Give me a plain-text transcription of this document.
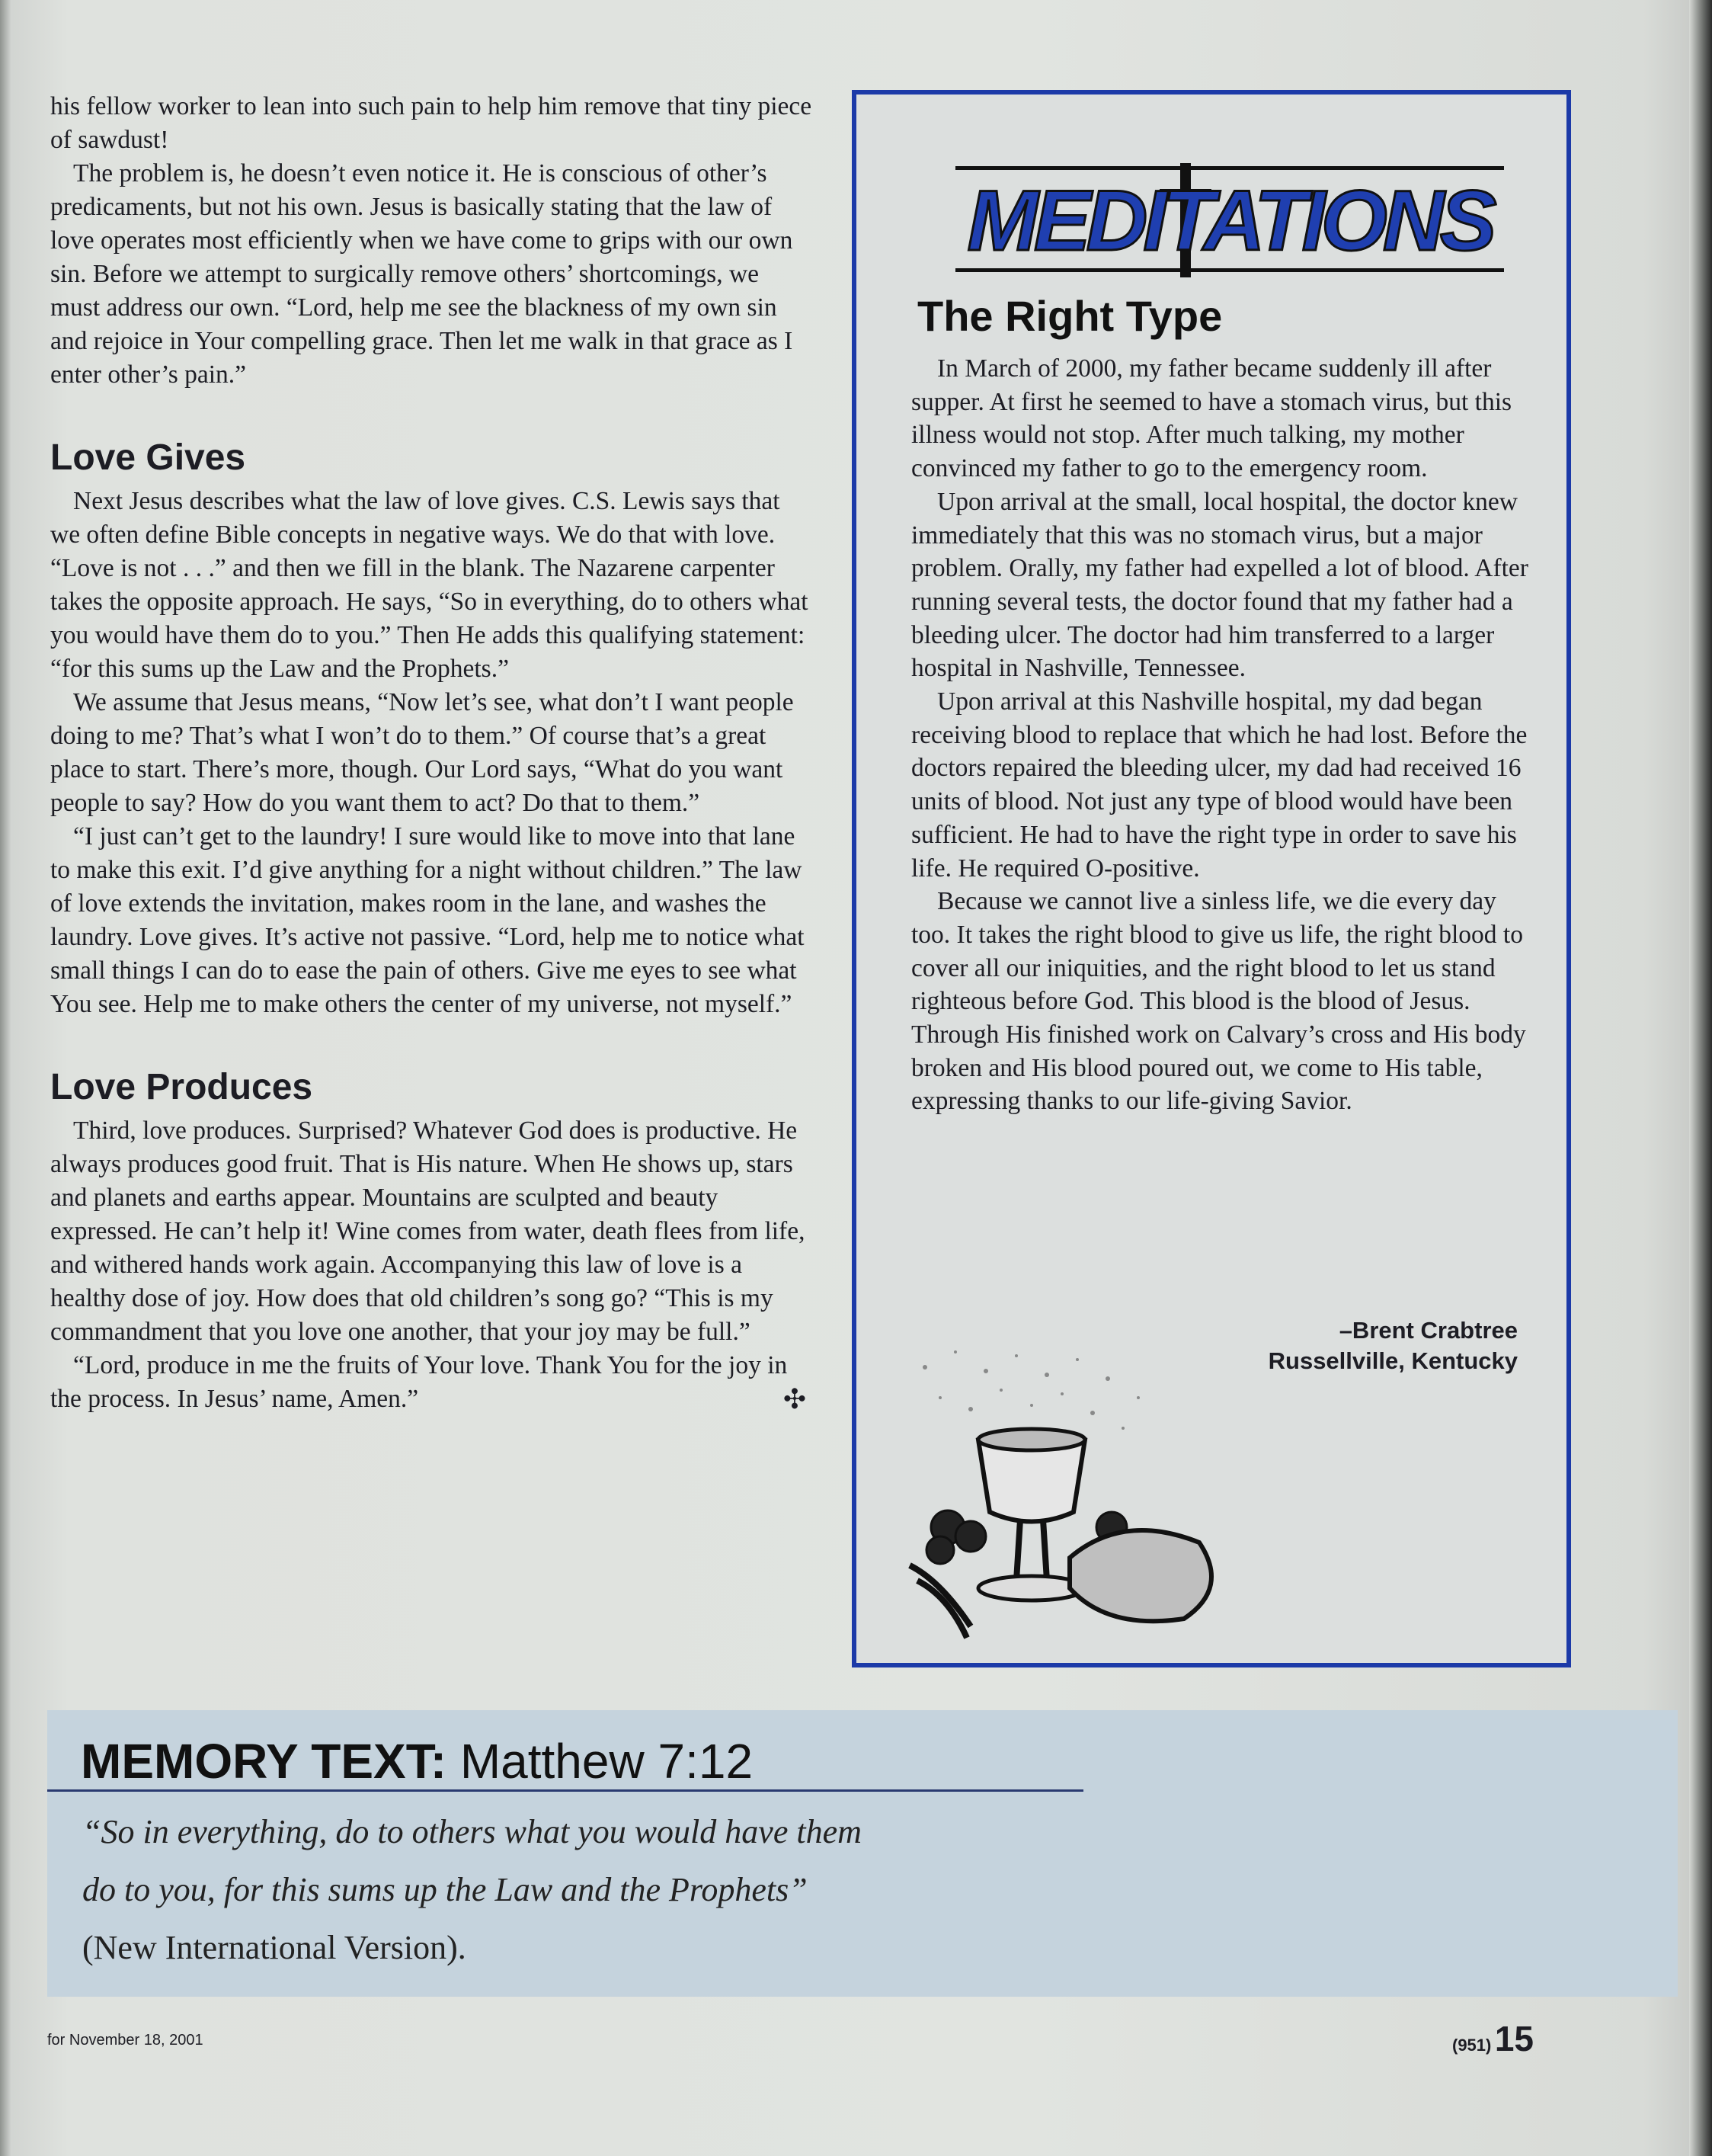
his fellow worker to lean into such pain to help him remove that tiny piece of sawdust!

The problem is, he doesn’t even notice it. He is conscious of other’s predicaments, but not his own. Jesus is basically stating that the law of love operates most efficiently when we have come to grips with our own sin. Before we attempt to surgically remove others’ shortcomings, we must address our own. “Lord, help me see the blackness of my own sin and rejoice in Your compelling grace. Then let me walk in that grace as I enter other’s pain.”

Love Gives

Next Jesus describes what the law of love gives. C.S. Lewis says that we often define Bible concepts in negative ways. We do that with love. “Love is not . . .” and then we fill in the blank. The Nazarene carpenter takes the opposite approach. He says, “So in everything, do to others what you would have them do to you.” Then He adds this qualifying statement: “for this sums up the Law and the Prophets.”

We assume that Jesus means, “Now let’s see, what don’t I want people doing to me? That’s what I won’t do to them.” Of course that’s a great place to start. There’s more, though. Our Lord says, “What do you want people to say? How do you want them to act? Do that to them.”

“I just can’t get to the laundry! I sure would like to move into that lane to make this exit. I’d give anything for a night without children.” The law of love extends the invitation, makes room in the lane, and washes the laundry. Love gives. It’s active not passive. “Lord, help me to notice what small things I can do to ease the pain of others. Give me eyes to see what You see. Help me to make others the center of my universe, not myself.”

Love Produces

Third, love produces. Surprised? Whatever God does is productive. He always produces good fruit. That is His nature. When He shows up, stars and planets and earths appear. Mountains are sculpted and beauty expressed. He can’t help it! Wine comes from water, death flees from life, and withered hands work again. Accompanying this law of love is a healthy dose of joy. How does that old children’s song go? “This is my commandment that you love one another, that your joy may be full.”

“Lord, produce in me the fruits of Your love. Thank You for the joy in the process. In Jesus’ name, Amen.”	✣

MEDITATIONS
The Right Type

In March of 2000, my father became suddenly ill after supper. At first he seemed to have a stomach virus, but this illness would not stop. After much talking, my mother convinced my father to go to the emergency room.

Upon arrival at the small, local hospital, the doctor knew immediately that this was no stomach virus, but a major problem. Orally, my father had expelled a lot of blood. After running several tests, the doctor found that my father had a bleeding ulcer. The doctor had him transferred to a larger hospital in Nashville, Tennessee.

Upon arrival at this Nashville hospital, my dad began receiving blood to replace that which he had lost. Before the doctors repaired the bleeding ulcer, my dad had received 16 units of blood. Not just any type of blood would have been sufficient. He had to have the right type in order to save his life. He required O-positive.

Because we cannot live a sinless life, we die every day too. It takes the right blood to give us life, the right blood to cover all our iniquities, and the right blood to let us stand righteous before God. This blood is the blood of Jesus. Through His finished work on Calvary’s cross and His body broken and His blood poured out, we come to His table, expressing thanks to our life-giving Savior.

–Brent Crabtree
Russellville, Kentucky
MEMORY TEXT: Matthew 7:12
“So in everything, do to others what you would have them
do to you, for this sums up the Law and the Prophets”
(New International Version).
for November 18, 2001	(951) 15
